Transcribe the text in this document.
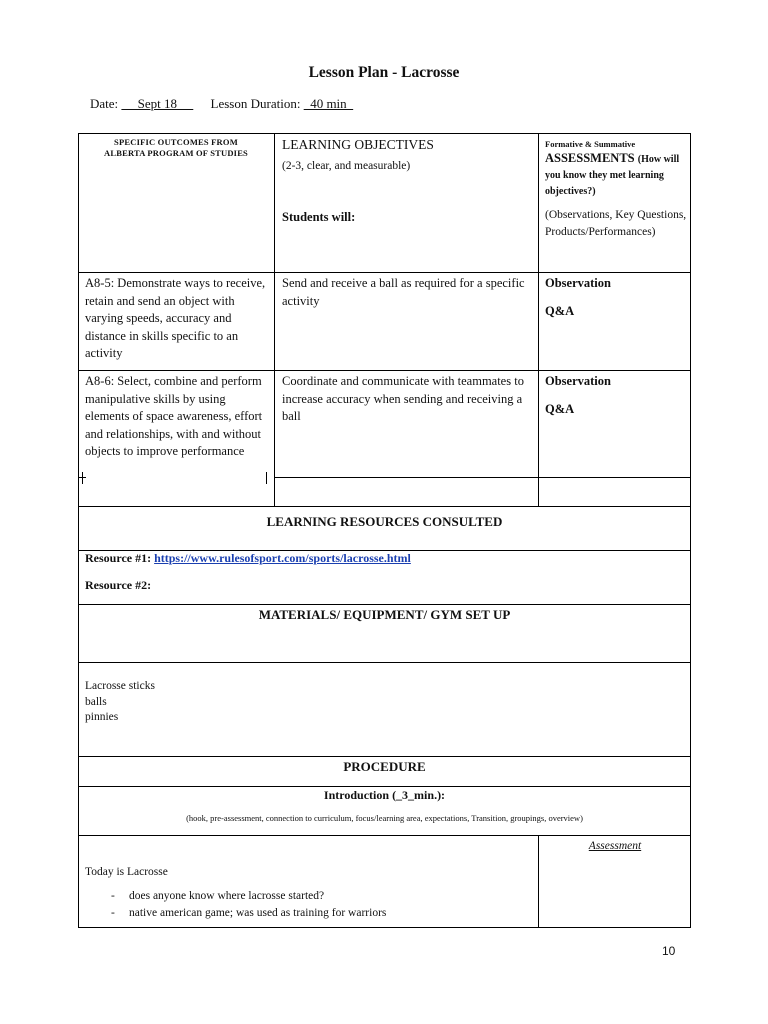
Lesson Plan - Lacrosse
Date:      Sept 18      Lesson Duration:   40 min
SPECIFIC OUTCOMES FROM
ALBERTA PROGRAM OF STUDIES
LEARNING OBJECTIVES
(2-3, clear, and measurable)
Students will:
Formative & Summative
ASSESSMENTS (How will you know they met learning objectives?)
(Observations, Key Questions, Products/Performances)
A8-5: Demonstrate ways to receive, retain and send an object with varying speeds, accuracy and distance in skills specific to an activity
Send and receive a ball as required for a specific activity
Observation
Q&A
A8-6: Select, combine and perform manipulative skills by using elements of space awareness, effort and relationships, with and without objects to improve performance
Coordinate and communicate with teammates to increase accuracy when sending and receiving a ball
Observation
Q&A
LEARNING RESOURCES CONSULTED
Resource #1: https://www.rulesofsport.com/sports/lacrosse.html
Resource #2:
MATERIALS/ EQUIPMENT/ GYM SET UP
Lacrosse sticks
balls
pinnies
PROCEDURE
Introduction (_3_min.):
(hook, pre-assessment, connection to curriculum, focus/learning area, expectations, Transition, groupings, overview)
Assessment
Today is Lacrosse
- does anyone know where lacrosse started?
- native american game; was used as training for warriors
10
